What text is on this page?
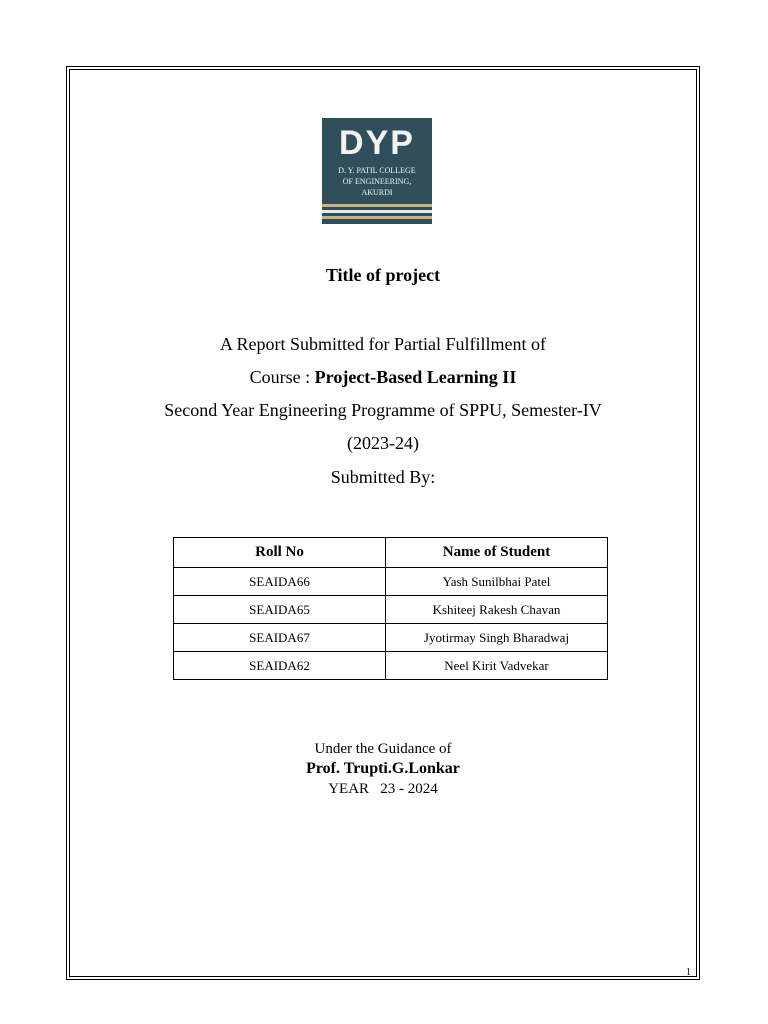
DYP
D. Y. PATIL COLLEGE
OF ENGINEERING,
AKURDI
Title of project
A Report Submitted for Partial Fulfillment of
Course : Project-Based Learning II
Second Year Engineering Programme of SPPU, Semester-IV
(2023-24)
Submitted By:
Roll No	Name of Student
SEAIDA66	Yash Sunilbhai Patel
SEAIDA65	Kshiteej Rakesh Chavan
SEAIDA67	Jyotirmay Singh Bharadwaj
SEAIDA62	Neel Kirit Vadvekar
Under the Guidance of
Prof. Trupti.G.Lonkar
YEAR   23 - 2024
1
